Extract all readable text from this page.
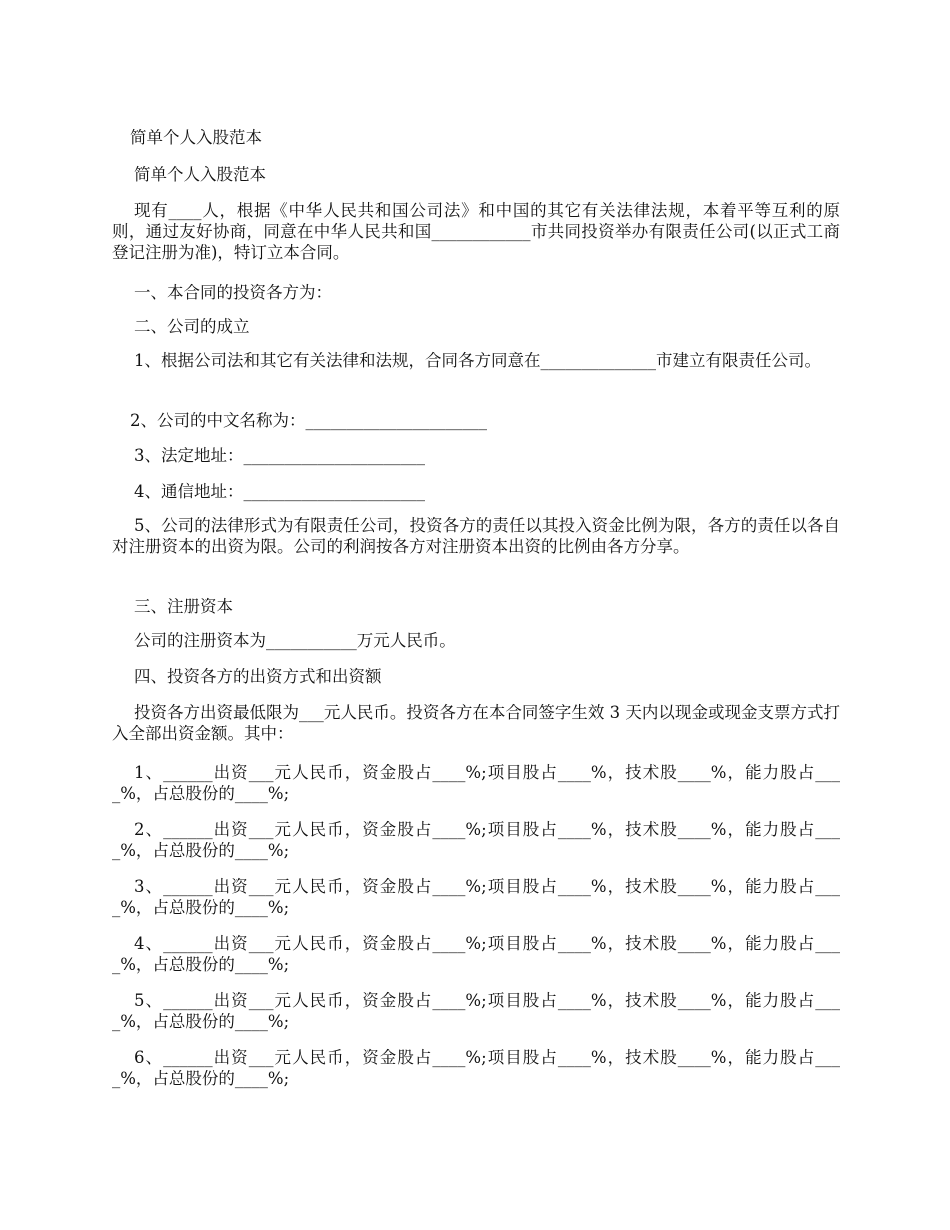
简单个人入股范本

简单个人入股范本

现有____人，根据《中华人民共和国公司法》和中国的其它有关法律法规，本着平等互利的原则，通过友好协商，同意在中华人民共和国____________市共同投资举办有限责任公司(以正式工商登记注册为准)，特订立本合同。

一、本合同的投资各方为：

二、公司的成立

1、根据公司法和其它有关法律和法规，合同各方同意在______________市建立有限责任公司。

2、公司的中文名称为：______________________

3、法定地址：______________________

4、通信地址：______________________

5、公司的法律形式为有限责任公司，投资各方的责任以其投入资金比例为限，各方的责任以各自对注册资本的出资为限。公司的利润按各方对注册资本出资的比例由各方分享。

三、注册资本

公司的注册资本为___________万元人民币。

四、投资各方的出资方式和出资额

投资各方出资最低限为___元人民币。投资各方在本合同签字生效 3 天内以现金或现金支票方式打入全部出资金额。其中：

1、______出资___元人民币，资金股占____%;项目股占____%，技术股____%，能力股占____%，占总股份的____%;

2、______出资___元人民币，资金股占____%;项目股占____%，技术股____%，能力股占____%，占总股份的____%;

3、______出资___元人民币，资金股占____%;项目股占____%，技术股____%，能力股占____%，占总股份的____%;

4、______出资___元人民币，资金股占____%;项目股占____%，技术股____%，能力股占____%，占总股份的____%;

5、______出资___元人民币，资金股占____%;项目股占____%，技术股____%，能力股占____%，占总股份的____%;

6、______出资___元人民币，资金股占____%;项目股占____%，技术股____%，能力股占____%，占总股份的____%;
